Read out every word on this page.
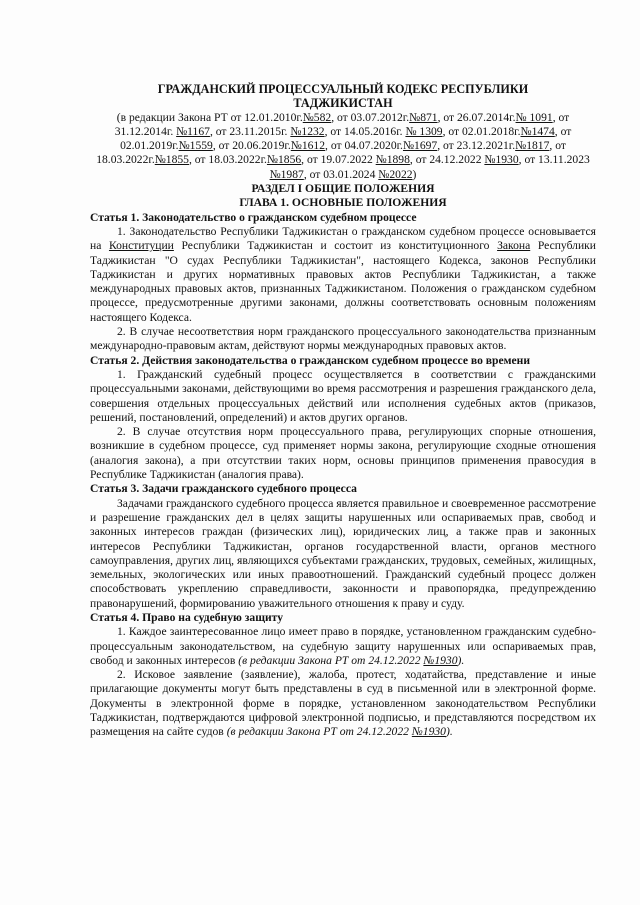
ГРАЖДАНСКИЙ ПРОЦЕССУАЛЬНЫЙ КОДЕКС РЕСПУБЛИКИ
ТАДЖИКИСТАН
(в редакции Закона РТ от 12.01.2010г.№582, от 03.07.2012г.№871, от 26.07.2014г.№ 1091, от 31.12.2014г. №1167, от 23.11.2015г. №1232, от 14.05.2016г. № 1309, от 02.01.2018г.№1474, от 02.01.2019г.№1559, от 20.06.2019г.№1612, от 04.07.2020г.№1697, от 23.12.2021г.№1817, от 18.03.2022г.№1855, от 18.03.2022г.№1856, от 19.07.2022 №1898, от 24.12.2022 №1930, от 13.11.2023 №1987, от 03.01.2024 №2022)
РАЗДЕЛ I ОБЩИЕ ПОЛОЖЕНИЯ
ГЛАВА 1. ОСНОВНЫЕ ПОЛОЖЕНИЯ
Статья 1. Законодательство о гражданском судебном процессе

1. Законодательство Республики Таджикистан о гражданском судебном процессе основывается на Конституции Республики Таджикистан и состоит из конституционного Закона Республики Таджикистан "О судах Республики Таджикистан", настоящего Кодекса, законов Республики Таджикистан и других нормативных правовых актов Республики Таджикистан, а также международных правовых актов, признанных Таджикистаном. Положения о гражданском судебном процессе, предусмотренные другими законами, должны соответствовать основным положениям настоящего Кодекса.

2. В случае несоответствия норм гражданского процессуального законодательства признанным международно-правовым актам, действуют нормы международных правовых актов.

Статья 2. Действия законодательства о гражданском судебном процессе во времени

1. Гражданский судебный процесс осуществляется в соответствии с гражданскими процессуальными законами, действующими во время рассмотрения и разрешения гражданского дела, совершения отдельных процессуальных действий или исполнения судебных актов (приказов, решений, постановлений, определений) и актов других органов.

2. В случае отсутствия норм процессуального права, регулирующих спорные отношения, возникшие в судебном процессе, суд применяет нормы закона, регулирующие сходные отношения (аналогия закона), а при отсутствии таких норм, основы принципов применения правосудия в Республике Таджикистан (аналогия права).

Статья 3. Задачи гражданского судебного процесса

Задачами гражданского судебного процесса является правильное и своевременное рассмотрение и разрешение гражданских дел в целях защиты нарушенных или оспариваемых прав, свобод и законных интересов граждан (физических лиц), юридических лиц, а также прав и законных интересов Республики Таджикистан, органов государственной власти, органов местного самоуправления, других лиц, являющихся субъектами гражданских, трудовых, семейных, жилищных, земельных, экологических или иных правоотношений. Гражданский судебный процесс должен способствовать укреплению справедливости, законности и правопорядка, предупреждению правонарушений, формированию уважительного отношения к праву и суду.

Статья 4. Право на судебную защиту

1. Каждое заинтересованное лицо имеет право в порядке, установленном гражданским судебно-процессуальным законодательством, на судебную защиту нарушенных или оспариваемых прав, свобод и законных интересов (в редакции Закона РТ от 24.12.2022 №1930).

2. Исковое заявление (заявление), жалоба, протест, ходатайства, представление и иные прилагающие документы могут быть представлены в суд в письменной или в электронной форме. Документы в электронной форме в порядке, установленном законодательством Республики Таджикистан, подтверждаются цифровой электронной подписью, и представляются посредством их размещения на сайте судов (в редакции Закона РТ от 24.12.2022 №1930).
